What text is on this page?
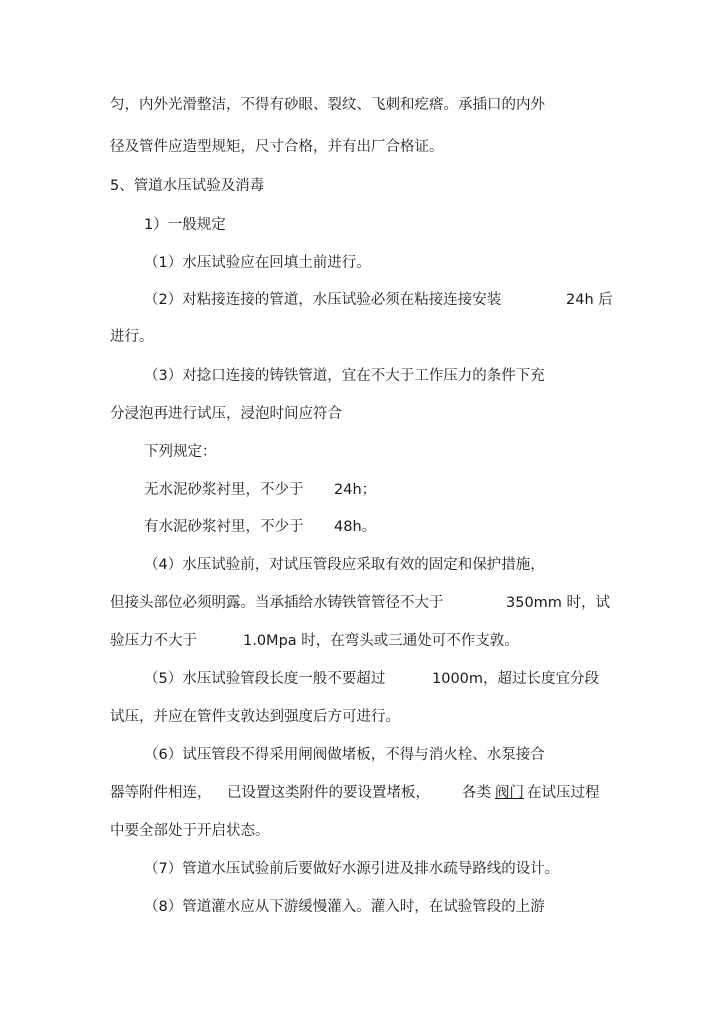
匀，内外光滑整洁，不得有砂眼、裂纹、飞刺和疙瘩。承插口的内外
径及管件应造型规矩，尺寸合格，并有出厂合格证。
5、管道水压试验及消毒
1）一般规定
（1）水压试验应在回填土前进行。
（2）对粘接连接的管道，水压试验必须在粘接连接安装	24h 后
进行。
（3）对捻口连接的铸铁管道，宜在不大于工作压力的条件下充
分浸泡再进行试压，浸泡时间应符合
下列规定：
无水泥砂浆衬里，不少于 24h；
有水泥砂浆衬里，不少于 48h。
（4）水压试验前，对试压管段应采取有效的固定和保护措施，
但接头部位必须明露。当承插给水铸铁管管径不大于	350mm 时，试
验压力不大于	1.0Mpa 时，在弯头或三通处可不作支敦。
（5）水压试验管段长度一般不要超过	1000m，超过长度宜分段
试压，并应在管件支敦达到强度后方可进行。
（6）试压管段不得采用闸阀做堵板，不得与消火栓、水泵接合
器等附件相连， 已设置这类附件的要设置堵板， 各类 阀门 在试压过程
中要全部处于开启状态。
（7）管道水压试验前后要做好水源引进及排水疏导路线的设计。
（8）管道灌水应从下游缓慢灌入。灌入时，在试验管段的上游
